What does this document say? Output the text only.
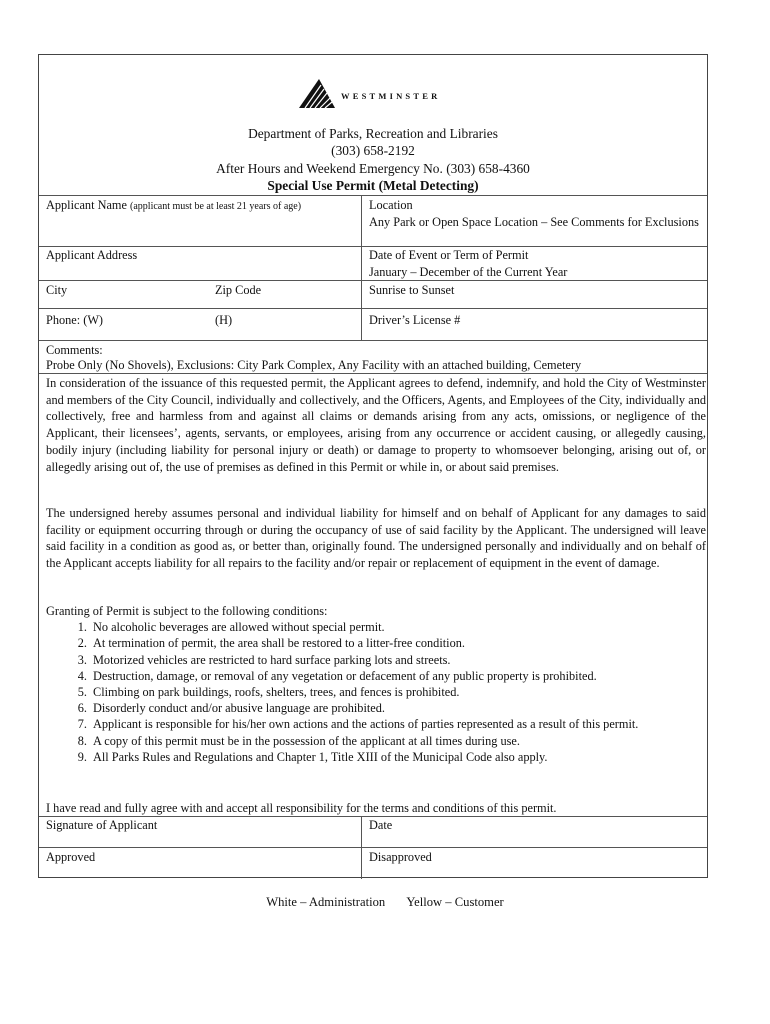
WESTMINSTER
Department of Parks, Recreation and Libraries
(303) 658-2192
After Hours and Weekend Emergency No. (303) 658-4360
Special Use Permit (Metal Detecting)
Applicant Name (applicant must be at least 21 years of age)	Location
Any Park or Open Space Location – See Comments for Exclusions
Applicant Address	Date of Event or Term of Permit
January – December of the Current Year
City	Zip Code	Sunrise to Sunset
Phone: (W)	(H)	Driver’s License #
Comments:
Probe Only (No Shovels), Exclusions: City Park Complex, Any Facility with an attached building, Cemetery
In consideration of the issuance of this requested permit, the Applicant agrees to defend, indemnify, and hold the City of Westminster and members of the City Council, individually and collectively, and the Officers, Agents, and Employees of the City, individually and collectively, free and harmless from and against all claims or demands arising from any acts, omissions, or negligence of the Applicant, their licensees’, agents, servants, or employees, arising from any occurrence or accident causing, or allegedly causing, bodily injury (including liability for personal injury or death) or damage to property to whomsoever belonging, arising out of, or allegedly arising out of, the use of premises as defined in this Permit or while in, or about said premises.
The undersigned hereby assumes personal and individual liability for himself and on behalf of Applicant for any damages to said facility or equipment occurring through or during the occupancy of use of said facility by the Applicant. The undersigned will leave said facility in a condition as good as, or better than, originally found. The undersigned personally and individually and on behalf of the Applicant accepts liability for all repairs to the facility and/or repair or replacement of equipment in the event of damage.
Granting of Permit is subject to the following conditions:
1. No alcoholic beverages are allowed without special permit.
2. At termination of permit, the area shall be restored to a litter-free condition.
3. Motorized vehicles are restricted to hard surface parking lots and streets.
4. Destruction, damage, or removal of any vegetation or defacement of any public property is prohibited.
5. Climbing on park buildings, roofs, shelters, trees, and fences is prohibited.
6. Disorderly conduct and/or abusive language are prohibited.
7. Applicant is responsible for his/her own actions and the actions of parties represented as a result of this permit.
8. A copy of this permit must be in the possession of the applicant at all times during use.
9. All Parks Rules and Regulations and Chapter 1, Title XIII of the Municipal Code also apply.
I have read and fully agree with and accept all responsibility for the terms and conditions of this permit.
Signature of Applicant	Date
Approved	Disapproved
White – Administration Yellow – Customer
